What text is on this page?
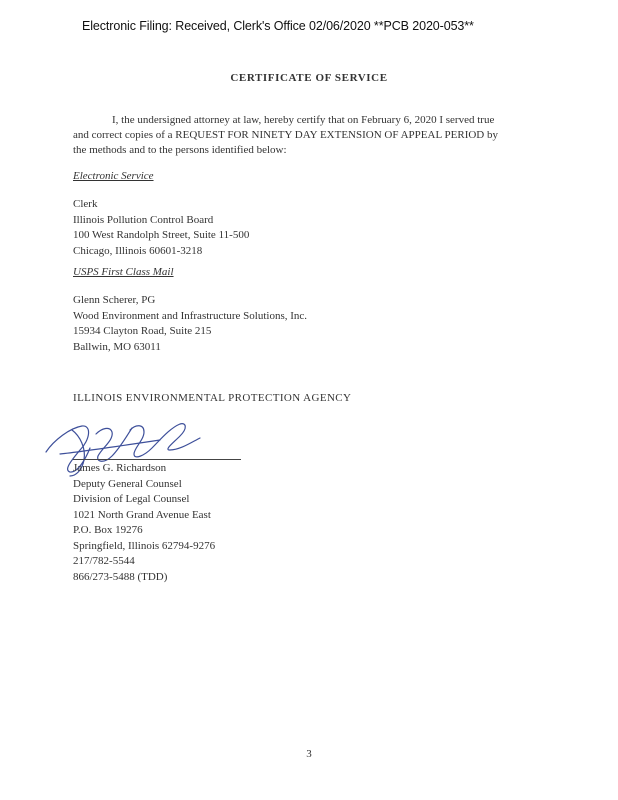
Electronic Filing: Received, Clerk's Office 02/06/2020 **PCB 2020-053**
CERTIFICATE OF SERVICE
I, the undersigned attorney at law, hereby certify that on February 6, 2020 I served true
and correct copies of a REQUEST FOR NINETY DAY EXTENSION OF APPEAL PERIOD by
the methods and to the persons identified below:
Electronic Service
Clerk
Illinois Pollution Control Board
100 West Randolph Street, Suite 11-500
Chicago, Illinois 60601-3218
USPS First Class Mail
Glenn Scherer, PG
Wood Environment and Infrastructure Solutions, Inc.
15934 Clayton Road, Suite 215
Ballwin, MO 63011
ILLINOIS ENVIRONMENTAL PROTECTION AGENCY
James G. Richardson
Deputy General Counsel
Division of Legal Counsel
1021 North Grand Avenue East
P.O. Box 19276
Springfield, Illinois 62794-9276
217/782-5544
866/273-5488 (TDD)
3
